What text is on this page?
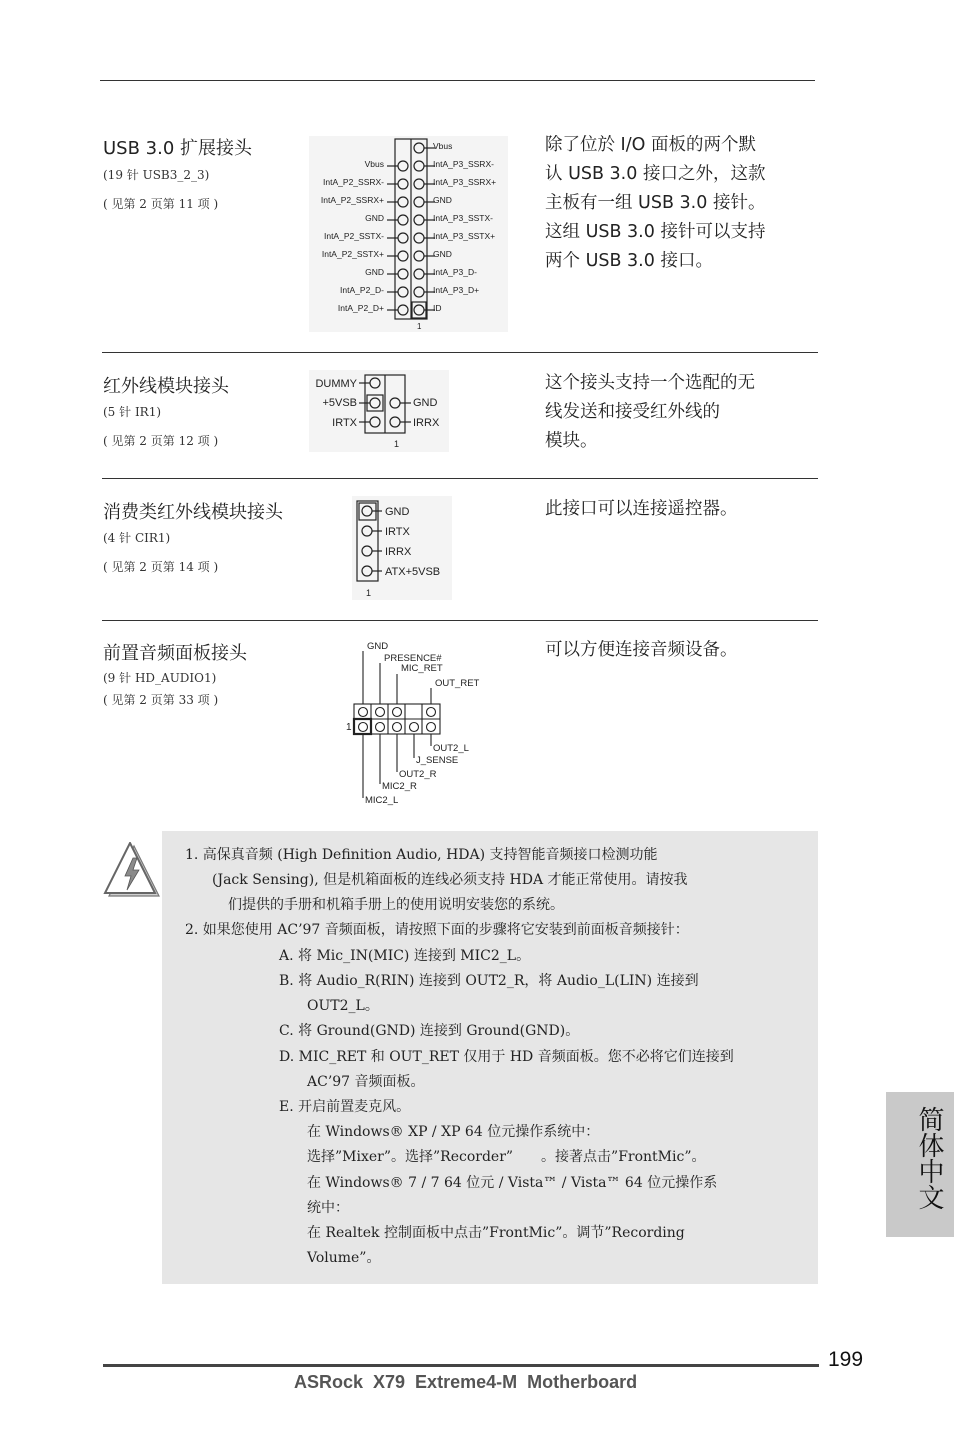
USB 3.0 扩展接头
(19 针 USB3_2_3)
( 见第 2 页第 11 项 )
Vbus
IntA_P2_SSRX-
IntA_P2_SSRX+
GND
IntA_P2_SSTX-
IntA_P2_SSTX+
GND
IntA_P2_D-
IntA_P2_D+
Vbus
IntA_P3_SSRX-
IntA_P3_SSRX+
GND
IntA_P3_SSTX-
IntA_P3_SSTX+
GND
IntA_P3_D-
IntA_P3_D+
ID
1
除了位於 I/O 面板的两个默
认 USB 3.0 接口之外，这款
主板有一组 USB 3.0 接针。
这组 USB 3.0 接针可以支持
两个 USB 3.0 接口。
红外线模块接头
(5 针 IR1)
( 见第 2 页第 12 项 )
DUMMY
+5VSB
IRTX
GND
IRRX
1
这个接头支持一个选配的无
线发送和接受红外线的
模块。
消费类红外线模块接头
(4 针 CIR1)
( 见第 2 页第 14 项 )
GND
IRTX
IRRX
ATX+5VSB
1
此接口可以连接遥控器。
前置音频面板接头
(9 针 HD_AUDIO1)
( 见第 2 页第 33 项 )
GND
PRESENCE#
MIC_RET
OUT_RET
OUT2_L
J_SENSE
OUT2_R
MIC2_R
MIC2_L
1
可以方便连接音频设备。
1. 高保真音频 (High Definition Audio, HDA) 支持智能音频接口检测功能
(Jack Sensing), 但是机箱面板的连线必须支持 HDA 才能正常使用。请按我
们提供的手册和机箱手册上的使用说明安装您的系统。
2. 如果您使用 AC’97 音频面板，请按照下面的步骤将它安装到前面板音频接针：
A. 将 Mic_IN(MIC) 连接到 MIC2_L。
B. 将 Audio_R(RIN) 连接到 OUT2_R，将 Audio_L(LIN) 连接到
OUT2_L。
C. 将 Ground(GND) 连接到 Ground(GND)。
D. MIC_RET 和 OUT_RET 仅用于 HD 音频面板。您不必将它们连接到
AC’97 音频面板。
E. 开启前置麦克风。
在 Windows® XP / XP 64 位元操作系统中：
选择”Mixer”。选择”Recorder”　　。接著点击”FrontMic”。
在 Windows® 7 / 7 64 位元 / Vista™ / Vista™ 64 位元操作系
统中：
在 Realtek 控制面板中点击”FrontMic”。调节”Recording
Volume”。
简体中文
199
ASRock  X79  Extreme4-M  Motherboard
